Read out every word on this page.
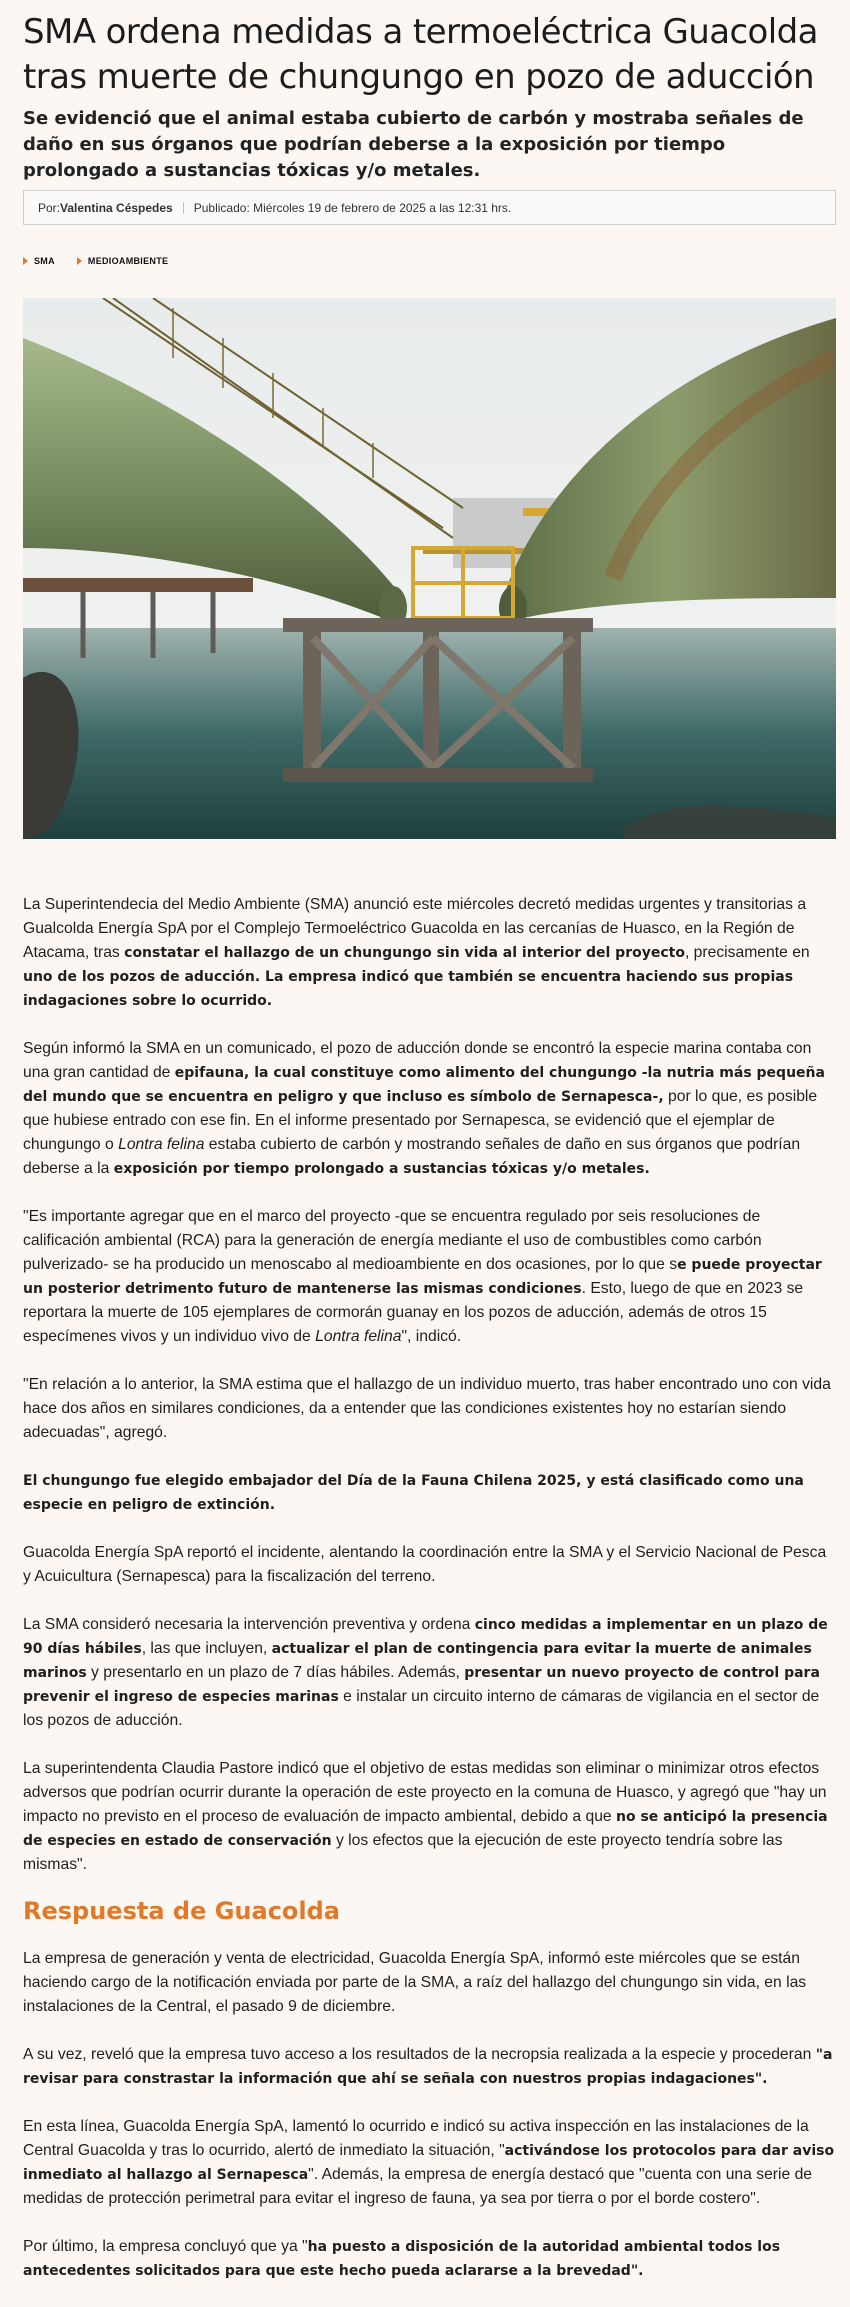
SMA ordena medidas a termoeléctrica Guacolda tras muerte de chungungo en pozo de aducción
Se evidenció que el animal estaba cubierto de carbón y mostraba señales de daño en sus órganos que podrían deberse a la exposición por tiempo prolongado a sustancias tóxicas y/o metales.
Por: Valentina Céspedes Publicado: Miércoles 19 de febrero de 2025 a las 12:31 hrs.
SMA	MEDIOAMBIENTE

La Superintendecia del Medio Ambiente (SMA) anunció este miércoles decretó medidas urgentes y transitorias a Gualcolda Energía SpA por el Complejo Termoeléctrico Guacolda en las cercanías de Huasco, en la Región de Atacama, tras constatar el hallazgo de un chungungo sin vida al interior del proyecto, precisamente en uno de los pozos de aducción. La empresa indicó que también se encuentra haciendo sus propias indagaciones sobre lo ocurrido.

Según informó la SMA en un comunicado, el pozo de aducción donde se encontró la especie marina contaba con una gran cantidad de epifauna, la cual constituye como alimento del chungungo -la nutria más pequeña del mundo que se encuentra en peligro y que incluso es símbolo de Sernapesca-, por lo que, es posible que hubiese entrado con ese fin. En el informe presentado por Sernapesca, se evidenció que el ejemplar de chungungo o Lontra felina estaba cubierto de carbón y mostrando señales de daño en sus órganos que podrían deberse a la exposición por tiempo prolongado a sustancias tóxicas y/o metales.

"Es importante agregar que en el marco del proyecto -que se encuentra regulado por seis resoluciones de calificación ambiental (RCA) para la generación de energía mediante el uso de combustibles como carbón pulverizado- se ha producido un menoscabo al medioambiente en dos ocasiones, por lo que se puede proyectar un posterior detrimento futuro de mantenerse las mismas condiciones. Esto, luego de que en 2023 se reportara la muerte de 105 ejemplares de cormorán guanay en los pozos de aducción, además de otros 15 especímenes vivos y un individuo vivo de Lontra felina", indicó.

"En relación a lo anterior, la SMA estima que el hallazgo de un individuo muerto, tras haber encontrado uno con vida hace dos años en similares condiciones, da a entender que las condiciones existentes hoy no estarían siendo adecuadas", agregó.

El chungungo fue elegido embajador del Día de la Fauna Chilena 2025, y está clasificado como una especie en peligro de extinción.

Guacolda Energía SpA reportó el incidente, alentando la coordinación entre la SMA y el Servicio Nacional de Pesca y Acuicultura (Sernapesca) para la fiscalización del terreno.

La SMA consideró necesaria la intervención preventiva y ordena cinco medidas a implementar en un plazo de 90 días hábiles, las que incluyen, actualizar el plan de contingencia para evitar la muerte de animales marinos y presentarlo en un plazo de 7 días hábiles. Además, presentar un nuevo proyecto de control para prevenir el ingreso de especies marinas e instalar un circuito interno de cámaras de vigilancia en el sector de los pozos de aducción.

La superintendenta Claudia Pastore indicó que el objetivo de estas medidas son eliminar o minimizar otros efectos adversos que podrían ocurrir durante la operación de este proyecto en la comuna de Huasco, y agregó que "hay un impacto no previsto en el proceso de evaluación de impacto ambiental, debido a que no se anticipó la presencia de especies en estado de conservación y los efectos que la ejecución de este proyecto tendría sobre las mismas".

Respuesta de Guacolda

La empresa de generación y venta de electricidad, Guacolda Energía SpA, informó este miércoles que se están haciendo cargo de la notificación enviada por parte de la SMA, a raíz del hallazgo del chungungo sin vida, en las instalaciones de la Central, el pasado 9 de diciembre.

A su vez, reveló que la empresa tuvo acceso a los resultados de la necropsia realizada a la especie y procederan "a revisar para constrastar la información que ahí se señala con nuestros propias indagaciones".

En esta línea, Guacolda Energía SpA, lamentó lo ocurrido e indicó su activa inspección en las instalaciones de la Central Guacolda y tras lo ocurrido, alertó de inmediato la situación, "activándose los protocolos para dar aviso inmediato al hallazgo al Sernapesca". Además, la empresa de energía destacó que "cuenta con una serie de medidas de protección perimetral para evitar el ingreso de fauna, ya sea por tierra o por el borde costero".

Por último, la empresa concluyó que ya "ha puesto a disposición de la autoridad ambiental todos los antecedentes solicitados para que este hecho pueda aclararse a la brevedad".
